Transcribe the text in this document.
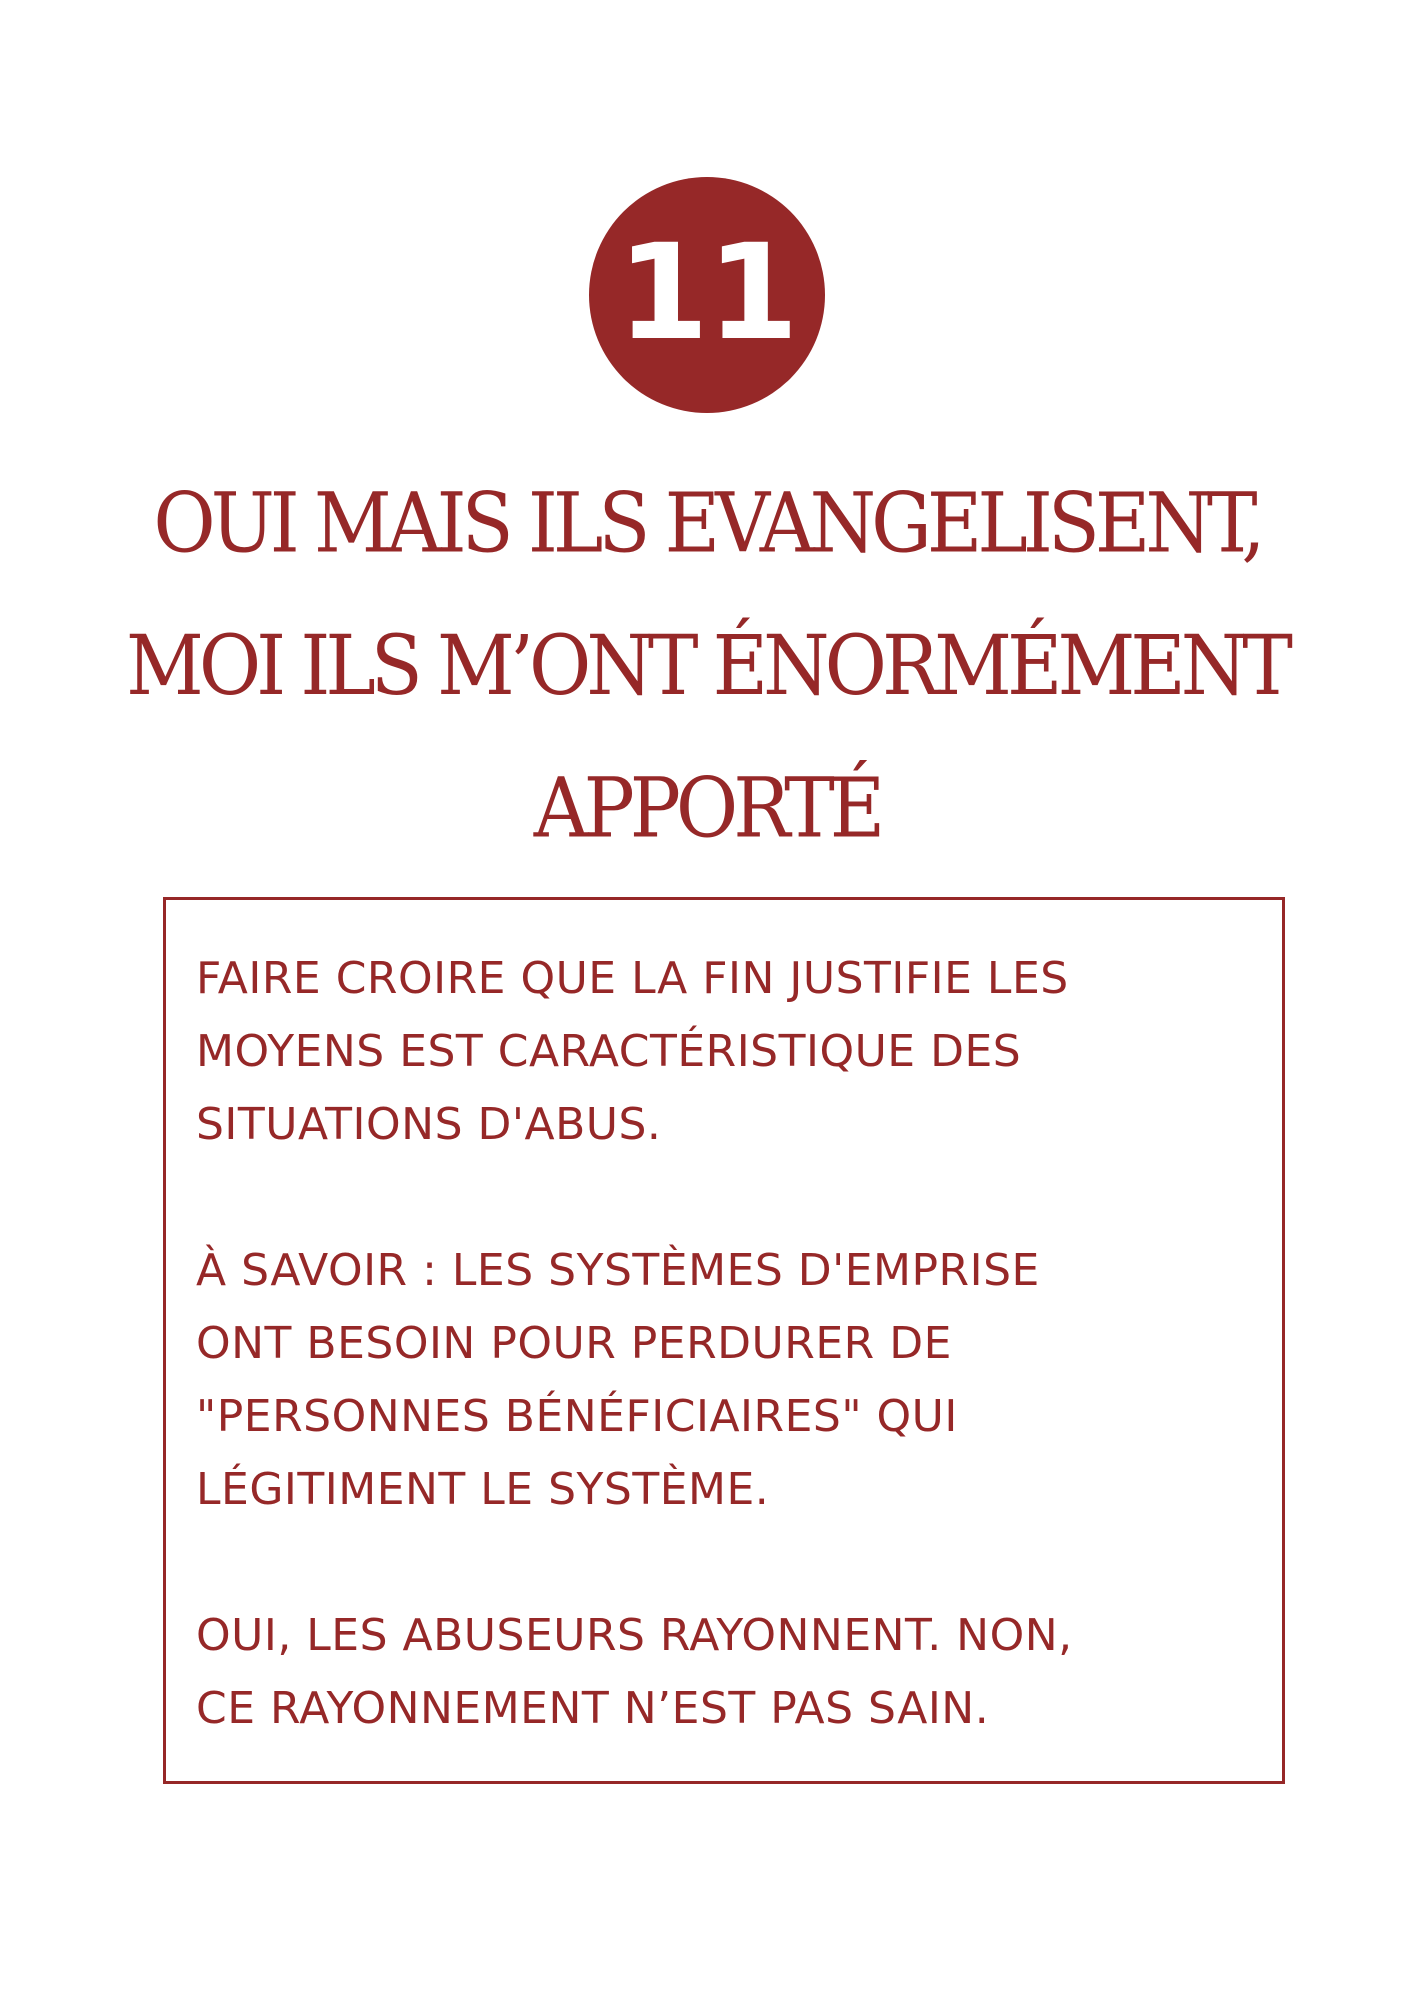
11
OUI MAIS ILS EVANGELISENT,
MOI ILS M’ONT ÉNORMÉMENT
APPORTÉ

FAIRE CROIRE QUE LA FIN JUSTIFIE LES
MOYENS EST CARACTÉRISTIQUE DES
SITUATIONS D'ABUS.

À SAVOIR : LES SYSTÈMES D'EMPRISE
ONT BESOIN POUR PERDURER DE
"PERSONNES BÉNÉFICIAIRES" QUI
LÉGITIMENT LE SYSTÈME.

OUI, LES ABUSEURS RAYONNENT. NON,
CE RAYONNEMENT N’EST PAS SAIN.
